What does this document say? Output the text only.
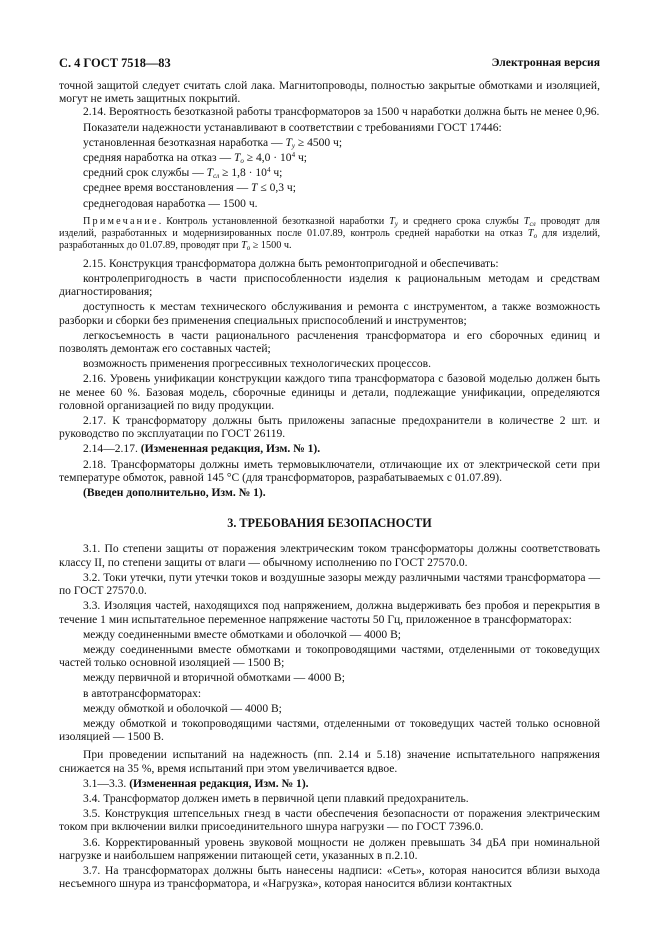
С. 4 ГОСТ 7518—83	Электронная версия

точной защитой следует считать слой лака. Магнитопроводы, полностью закрытые обмотками и изоляцией, могут не иметь защитных покрытий.

2.14. Вероятность безотказной работы трансформаторов за 1500 ч наработки должна быть не менее 0,96.

Показатели надежности устанавливают в соответствии с требованиями ГОСТ 17446:

установленная безотказная наработка — $T_у \ge 4500$ ч;

средняя наработка на отказ — $T_о \ge 4,0 \cdot 10^4$ ч;

средний срок службы — $T_{сл} \ge 1,8 \cdot 10^4$ ч;

среднее время восстановления — T ≤ 0,3 ч;

среднегодовая наработка — 1500 ч.

Примечание. Контроль установленной безотказной наработки $T_у$ и среднего срока службы $T_{сл}$ проводят для изделий, разработанных и модернизированных после 01.07.89, контроль средней наработки на отказ $T_о$ для изделий, разработанных до 01.07.89, проводят при $T_о \ge 1500$ ч.

2.15. Конструкция трансформатора должна быть ремонтопригодной и обеспечивать:

контролепригодность в части приспособленности изделия к рациональным методам и средствам диагностирования;

доступность к местам технического обслуживания и ремонта с инструментом, а также возможность разборки и сборки без применения специальных приспособлений и инструментов;

легкосъемность в части рационального расчленения трансформатора и его сборочных единиц и позволять демонтаж его составных частей;

возможность применения прогрессивных технологических процессов.

2.16. Уровень унификации конструкции каждого типа трансформатора с базовой моделью должен быть не менее 60 %. Базовая модель, сборочные единицы и детали, подлежащие унификации, определяются головной организацией по виду продукции.

2.17. К трансформатору должны быть приложены запасные предохранители в количестве 2 шт. и руководство по эксплуатации по ГОСТ 26119.

2.14—2.17. (Измененная редакция, Изм. № 1).

2.18. Трансформаторы должны иметь термовыключатели, отличающие их от электрической сети при температуре обмоток, равной 145 °С (для трансформаторов, разрабатываемых с 01.07.89).

(Введен дополнительно, Изм. № 1).

3. ТРЕБОВАНИЯ БЕЗОПАСНОСТИ

3.1. По степени защиты от поражения электрическим током трансформаторы должны соответствовать классу II, по степени защиты от влаги — обычному исполнению по ГОСТ 27570.0.

3.2. Токи утечки, пути утечки токов и воздушные зазоры между различными частями трансформатора — по ГОСТ 27570.0.

3.3. Изоляция частей, находящихся под напряжением, должна выдерживать без пробоя и перекрытия в течение 1 мин испытательное переменное напряжение частоты 50 Гц, приложенное в трансформаторах:

между соединенными вместе обмотками и оболочкой — 4000 В;

между соединенными вместе обмотками и токопроводящими частями, отделенными от токоведущих частей только основной изоляцией — 1500 В;

между первичной и вторичной обмотками — 4000 В;

в автотрансформаторах:

между обмоткой и оболочкой — 4000 В;

между обмоткой и токопроводящими частями, отделенными от токоведущих частей только основной изоляцией — 1500 В.

При проведении испытаний на надежность (пп. 2.14 и 5.18) значение испытательного напряжения снижается на 35 %, время испытаний при этом увеличивается вдвое.

3.1—3.3. (Измененная редакция, Изм. № 1).

3.4. Трансформатор должен иметь в первичной цепи плавкий предохранитель.

3.5. Конструкция штепсельных гнезд в части обеспечения безопасности от поражения электрическим током при включении вилки присоединительного шнура нагрузки — по ГОСТ 7396.0.

3.6. Корректированный уровень звуковой мощности не должен превышать 34 дБА при номинальной нагрузке и наибольшем напряжении питающей сети, указанных в п.2.10.

3.7. На трансформаторах должны быть нанесены надписи: «Сеть», которая наносится вблизи выхода несъемного шнура из трансформатора, и «Нагрузка», которая наносится вблизи контактных
